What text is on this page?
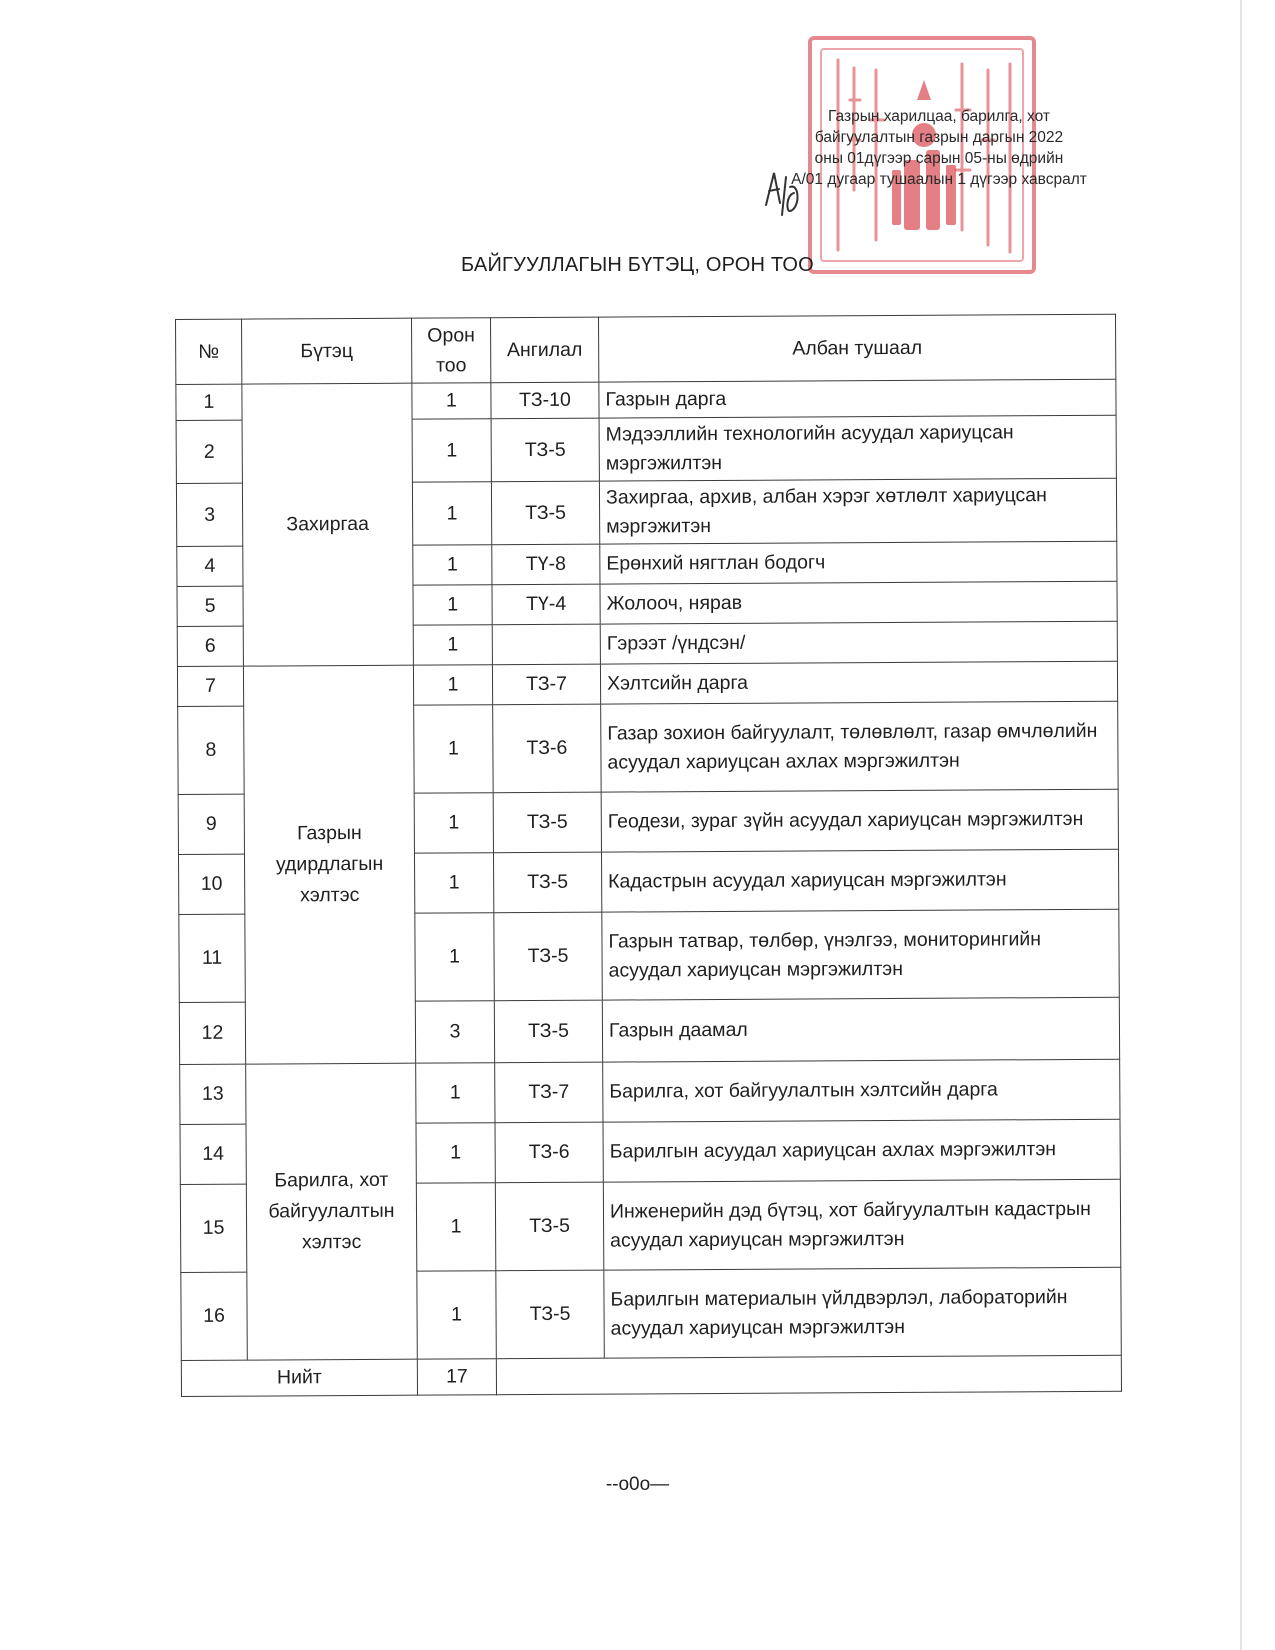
Газрын харилцаа, барилга, хот
байгуулалтын газрын даргын 2022
оны 01дүгээр сарын 05-ны өдрийн
А/01 дугаар тушаалын 1 дүгээр хавсралт
БАЙГУУЛЛАГЫН БҮТЭЦ, ОРОН ТОО
№	Бүтэц	Орон тоо	Ангилал	Албан тушаал
1	Захиргаа	1	ТЗ-10	Газрын дарга
2		1	ТЗ-5	Мэдээллийн технологийн асуудал хариуцсан мэргэжилтэн
3		1	ТЗ-5	Захиргаа, архив, албан хэрэг хөтлөлт хариуцсан мэргэжитэн
4		1	ТҮ-8	Ерөнхий нягтлан бодогч
5		1	ТҮ-4	Жолооч, нярав
6		1		Гэрээт /үндсэн/
7	Газрын удирдлагын хэлтэс	1	ТЗ-7	Хэлтсийн дарга
8		1	ТЗ-6	Газар зохион байгуулалт, төлөвлөлт, газар өмчлөлийн асуудал хариуцсан ахлах мэргэжилтэн
9		1	ТЗ-5	Геодези, зураг зүйн асуудал хариуцсан мэргэжилтэн
10		1	ТЗ-5	Кадастрын асуудал хариуцсан мэргэжилтэн
11		1	ТЗ-5	Газрын татвар, төлбөр, үнэлгээ, мониторингийн асуудал хариуцсан мэргэжилтэн
12		3	ТЗ-5	Газрын даамал
13	Барилга, хот байгуулалтын хэлтэс	1	ТЗ-7	Барилга, хот байгуулалтын хэлтсийн дарга
14		1	ТЗ-6	Барилгын асуудал хариуцсан ахлах мэргэжилтэн
15		1	ТЗ-5	Инженерийн дэд бүтэц, хот байгуулалтын кадастрын асуудал хариуцсан мэргэжилтэн
16		1	ТЗ-5	Барилгын материалын үйлдвэрлэл, лабораторийн асуудал хариуцсан мэргэжилтэн
Нийт		17		
--o0o—
